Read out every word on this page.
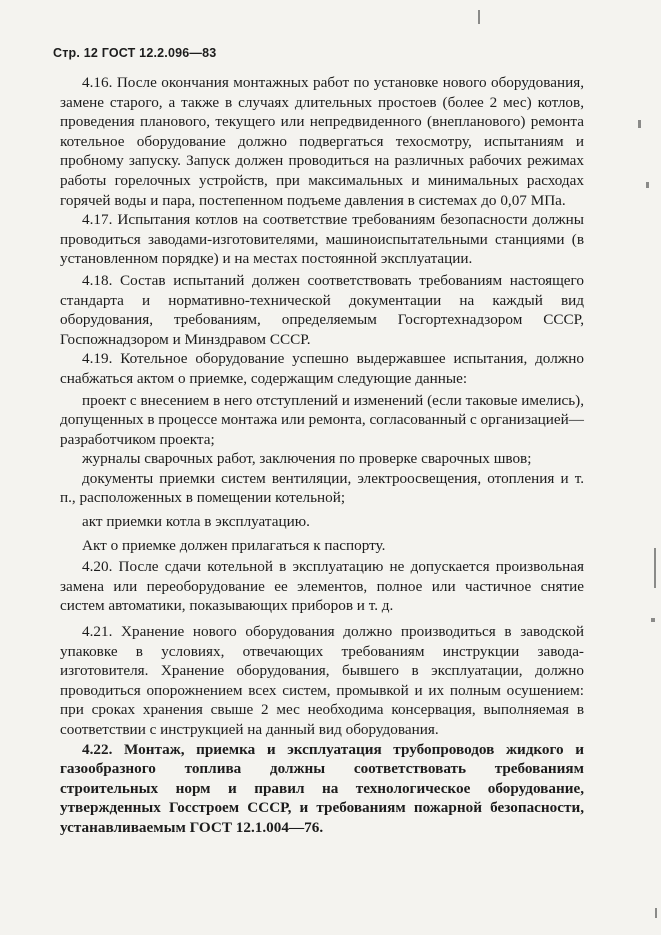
Стр. 12 ГОСТ 12.2.096—83

4.16. После окончания монтажных работ по установке нового оборудования, замене старого, а также в случаях длительных простоев (более 2 мес) котлов, проведения планового, текущего или непредвиденного (внепланового) ремонта котельное оборудование должно подвергаться техосмотру, испытаниям и пробному запуску. Запуск должен проводиться на различных рабочих режимах работы горелочных устройств, при максимальных и минимальных расходах горячей воды и пара, постепенном подъеме давления в системах до 0,07 МПа.

4.17. Испытания котлов на соответствие требованиям безопасности должны проводиться заводами-изготовителями, машиноиспытательными станциями (в установленном порядке) и на местах постоянной эксплуатации.

4.18. Состав испытаний должен соответствовать требованиям настоящего стандарта и нормативно-технической документации на каждый вид оборудования, требованиям, определяемым Госгортехнадзором СССР, Госпожнадзором и Минздравом СССР.

4.19. Котельное оборудование успешно выдержавшее испытания, должно снабжаться актом о приемке, содержащим следующие данные:

проект с внесением в него отступлений и изменений (если таковые имелись), допущенных в процессе монтажа или ремонта, согласованный с организацией—разработчиком проекта;

журналы сварочных работ, заключения по проверке сварочных швов;

документы приемки систем вентиляции, электроосвещения, отопления и т. п., расположенных в помещении котельной;

акт приемки котла в эксплуатацию.

Акт о приемке должен прилагаться к паспорту.

4.20. После сдачи котельной в эксплуатацию не допускается произвольная замена или переоборудование ее элементов, полное или частичное снятие систем автоматики, показывающих приборов и т. д.

4.21. Хранение нового оборудования должно производиться в заводской упаковке в условиях, отвечающих требованиям инструкции завода-изготовителя. Хранение оборудования, бывшего в эксплуатации, должно проводиться опорожнением всех систем, промывкой и их полным осушением: при сроках хранения свыше 2 мес необходима консервация, выполняемая в соответствии с инструкцией на данный вид оборудования.

4.22. Монтаж, приемка и эксплуатация трубопроводов жидкого и газообразного топлива должны соответствовать требованиям строительных норм и правил на технологическое оборудование, утвержденных Госстроем СССР, и требованиям пожарной безопасности, устанавливаемым ГОСТ 12.1.004—76.
